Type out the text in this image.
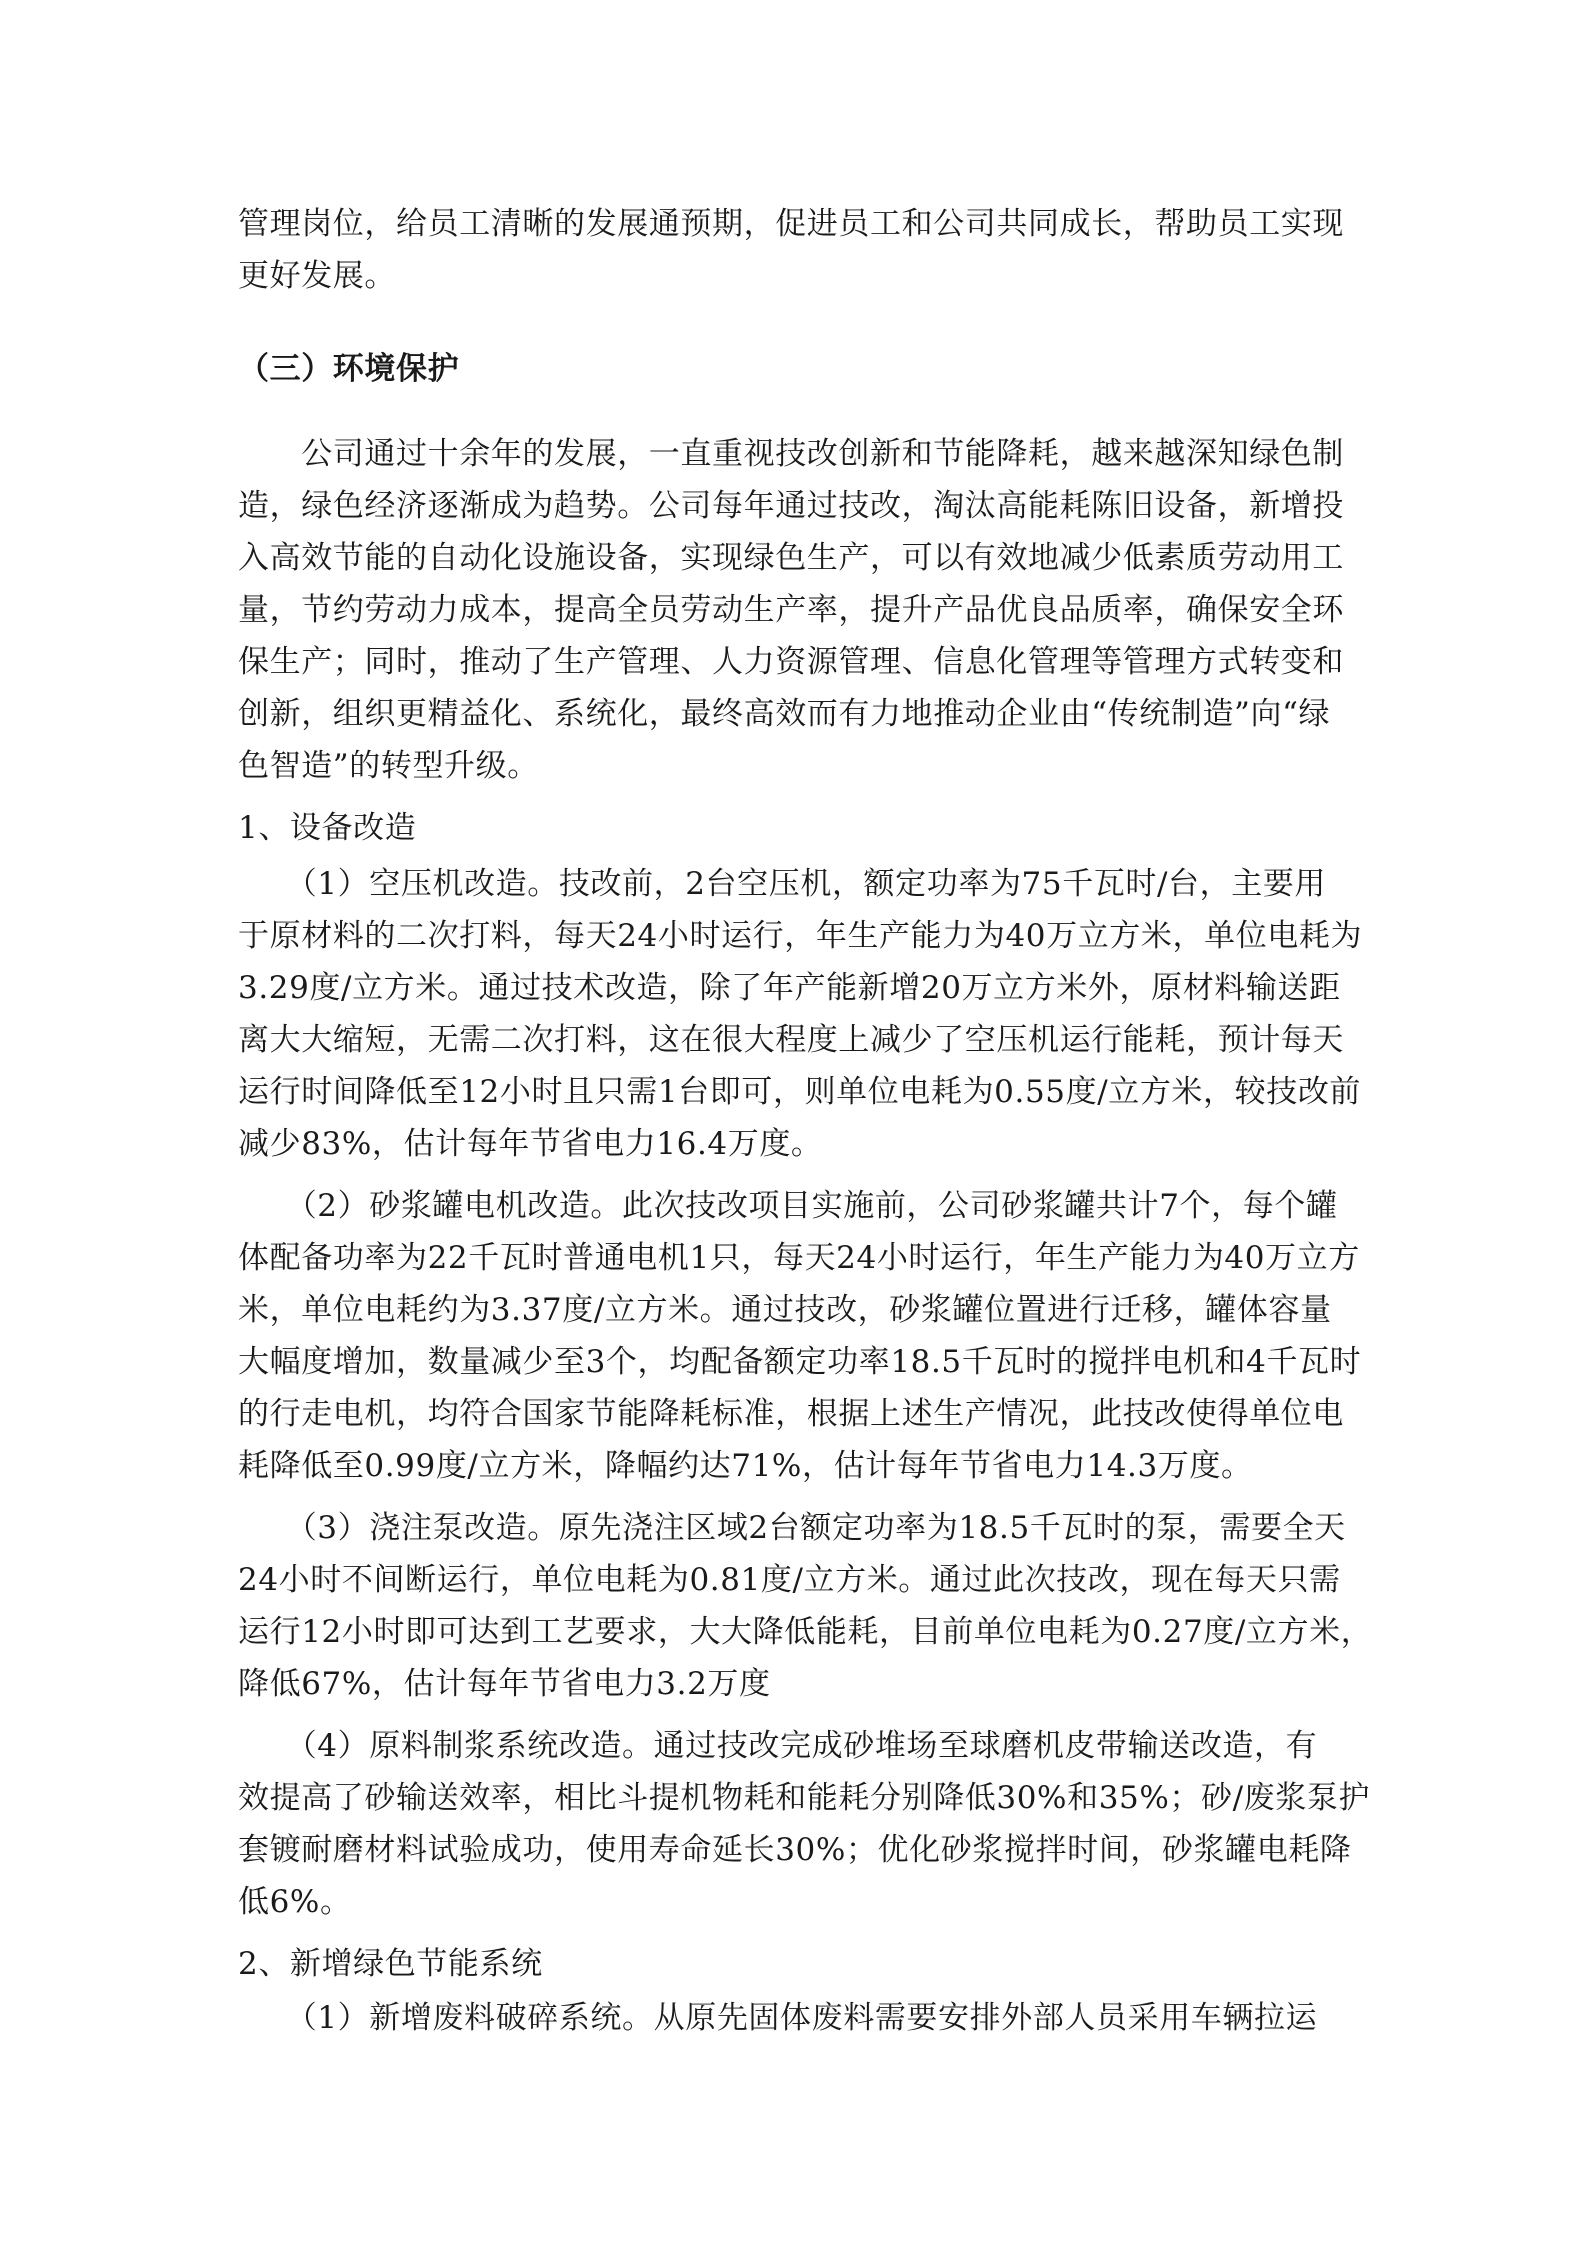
管理岗位，给员工清晰的发展通预期，促进员工和公司共同成长，帮助员工实现
更好发展。
（三）环境保护
　　公司通过十余年的发展，一直重视技改创新和节能降耗，越来越深知绿色制
造，绿色经济逐渐成为趋势。公司每年通过技改，淘汰高能耗陈旧设备，新增投
入高效节能的自动化设施设备，实现绿色生产，可以有效地减少低素质劳动用工
量，节约劳动力成本，提高全员劳动生产率，提升产品优良品质率，确保安全环
保生产；同时，推动了生产管理、人力资源管理、信息化管理等管理方式转变和
创新，组织更精益化、系统化，最终高效而有力地推动企业由“传统制造”向“绿
色智造”的转型升级。
1、设备改造
　　（1）空压机改造。技改前，2台空压机，额定功率为75千瓦时/台，主要用
于原材料的二次打料，每天24小时运行，年生产能力为40万立方米，单位电耗为
3.29度/立方米。通过技术改造，除了年产能新增20万立方米外，原材料输送距
离大大缩短，无需二次打料，这在很大程度上减少了空压机运行能耗，预计每天
运行时间降低至12小时且只需1台即可，则单位电耗为0.55度/立方米，较技改前
减少83%，估计每年节省电力16.4万度。
　　（2）砂浆罐电机改造。此次技改项目实施前，公司砂浆罐共计7个，每个罐
体配备功率为22千瓦时普通电机1只，每天24小时运行，年生产能力为40万立方
米，单位电耗约为3.37度/立方米。通过技改，砂浆罐位置进行迁移，罐体容量
大幅度增加，数量减少至3个，均配备额定功率18.5千瓦时的搅拌电机和4千瓦时
的行走电机，均符合国家节能降耗标准，根据上述生产情况，此技改使得单位电
耗降低至0.99度/立方米，降幅约达71%，估计每年节省电力14.3万度。
　　（3）浇注泵改造。原先浇注区域2台额定功率为18.5千瓦时的泵，需要全天
24小时不间断运行，单位电耗为0.81度/立方米。通过此次技改，现在每天只需
运行12小时即可达到工艺要求，大大降低能耗，目前单位电耗为0.27度/立方米，
降低67%，估计每年节省电力3.2万度
　　（4）原料制浆系统改造。通过技改完成砂堆场至球磨机皮带输送改造，有
效提高了砂输送效率，相比斗提机物耗和能耗分别降低30%和35%；砂/废浆泵护
套镀耐磨材料试验成功，使用寿命延长30%；优化砂浆搅拌时间，砂浆罐电耗降
低6%。
2、新增绿色节能系统
　　（1）新增废料破碎系统。从原先固体废料需要安排外部人员采用车辆拉运
